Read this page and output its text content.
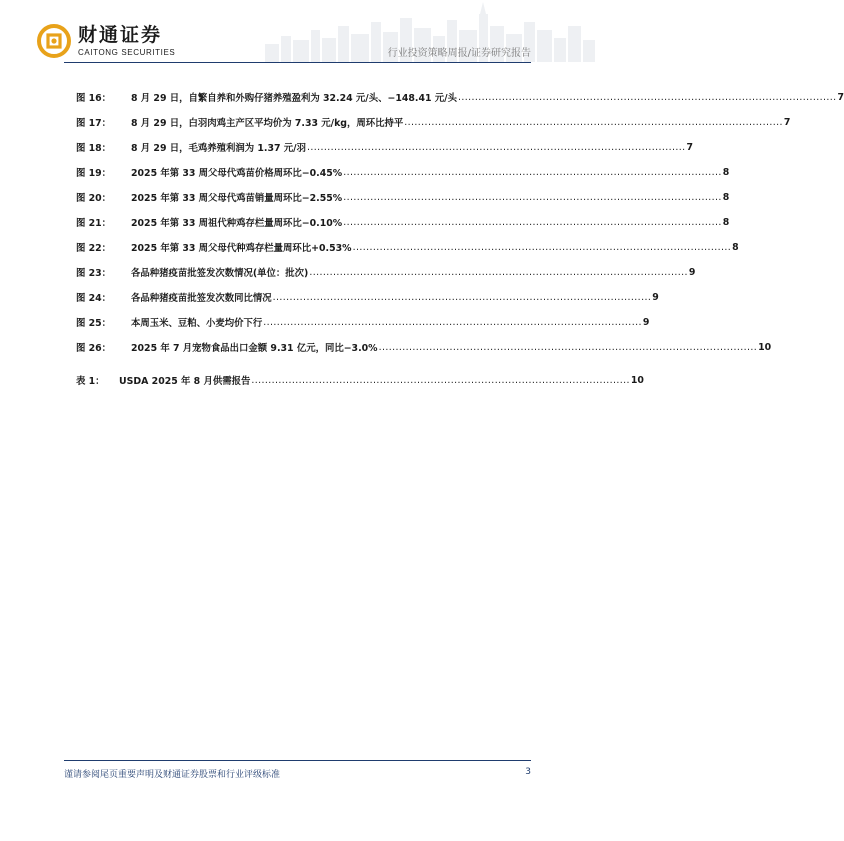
财通证券
CAITONG SECURITIES	行业投资策略周报/证券研究报告
图 16：	8 月 29 日，自繁自养和外购仔猪养殖盈利为 32.24 元/头、−148.41 元/头 ................................................................................................................ 7
图 17：	8 月 29 日，白羽肉鸡主产区平均价为 7.33 元/kg，周环比持平 ................................................................................................................ 7
图 18：	8 月 29 日，毛鸡养殖利润为 1.37 元/羽 ................................................................................................................ 7
图 19：	2025 年第 33 周父母代鸡苗价格周环比−0.45% ................................................................................................................ 8
图 20：	2025 年第 33 周父母代鸡苗销量周环比−2.55% ................................................................................................................ 8
图 21：	2025 年第 33 周祖代种鸡存栏量周环比−0.10% ................................................................................................................ 8
图 22：	2025 年第 33 周父母代种鸡存栏量周环比+0.53% ................................................................................................................ 8
图 23：	各品种猪疫苗批签发次数情况(单位：批次) ................................................................................................................ 9
图 24：	各品种猪疫苗批签发次数同比情况 ................................................................................................................ 9
图 25：	本周玉米、豆粕、小麦均价下行 ................................................................................................................ 9
图 26：	2025 年 7 月宠物食品出口金额 9.31 亿元，同比−3.0% ................................................................................................................ 10
表 1：	USDA 2025 年 8 月供需报告 ................................................................................................................ 10
谨请参阅尾页重要声明及财通证券股票和行业评级标准	3
